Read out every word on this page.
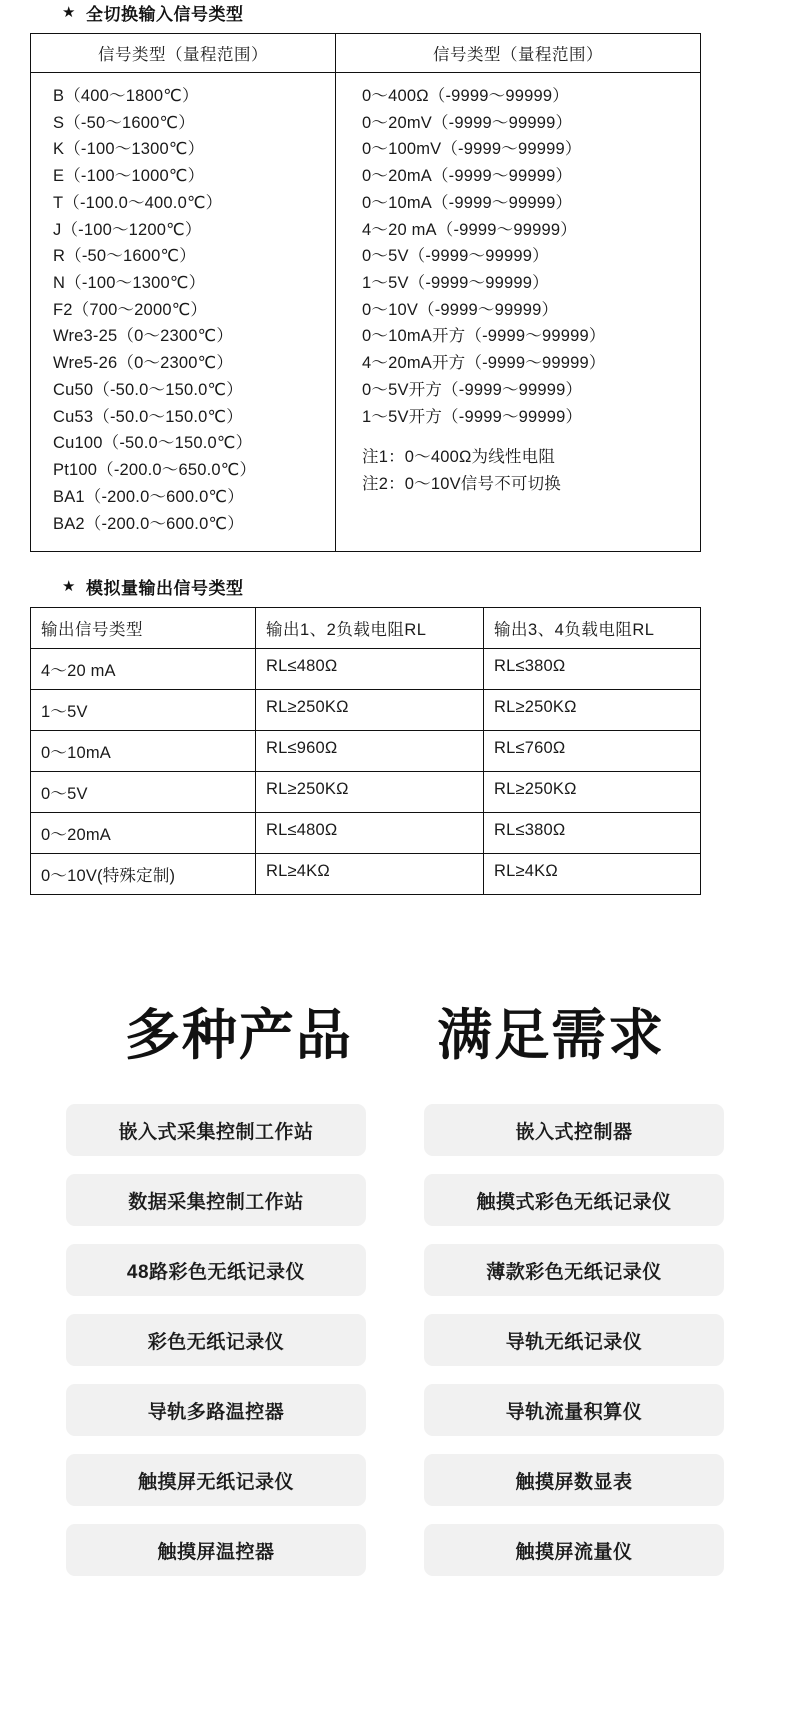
★ 全切换输入信号类型
信号类型（量程范围）	信号类型（量程范围）

B（400～1800℃）
S（-50～1600℃）
K（-100～1300℃）
E（-100～1000℃）
T（-100.0～400.0℃）
J（-100～1200℃）
R（-50～1600℃）
N（-100～1300℃）
F2（700～2000℃）
Wre3-25（0～2300℃）
Wre5-26（0～2300℃）
Cu50（-50.0～150.0℃）
Cu53（-50.0～150.0℃）
Cu100（-50.0～150.0℃）
Pt100（-200.0～650.0℃）
BA1（-200.0～600.0℃）
BA2（-200.0～600.0℃）

0～400Ω（-9999～99999）
0～20mV（-9999～99999）
0～100mV（-9999～99999）
0～20mA（-9999～99999）
0～10mA（-9999～99999）
4～20 mA（-9999～99999）
0～5V（-9999～99999）
1～5V（-9999～99999）
0～10V（-9999～99999）
0～10mA开方（-9999～99999）
4～20mA开方（-9999～99999）
0～5V开方（-9999～99999）
1～5V开方（-9999～99999）
注1：0～400Ω为线性电阻
注2：0～10V信号不可切换
★ 模拟量输出信号类型
输出信号类型	输出1、2负载电阻RL	输出3、4负载电阻RL
4～20 mA	RL≤480Ω	RL≤380Ω
1～5V	RL≥250KΩ	RL≥250KΩ
0～10mA	RL≤960Ω	RL≤760Ω
0～5V	RL≥250KΩ	RL≥250KΩ
0～20mA	RL≤480Ω	RL≤380Ω
0～10V(特殊定制)	RL≥4KΩ	RL≥4KΩ
多种产品 满足需求
嵌入式采集控制工作站	嵌入式控制器
数据采集控制工作站	触摸式彩色无纸记录仪
48路彩色无纸记录仪	薄款彩色无纸记录仪
彩色无纸记录仪	导轨无纸记录仪
导轨多路温控器	导轨流量积算仪
触摸屏无纸记录仪	触摸屏数显表
触摸屏温控器	触摸屏流量仪
